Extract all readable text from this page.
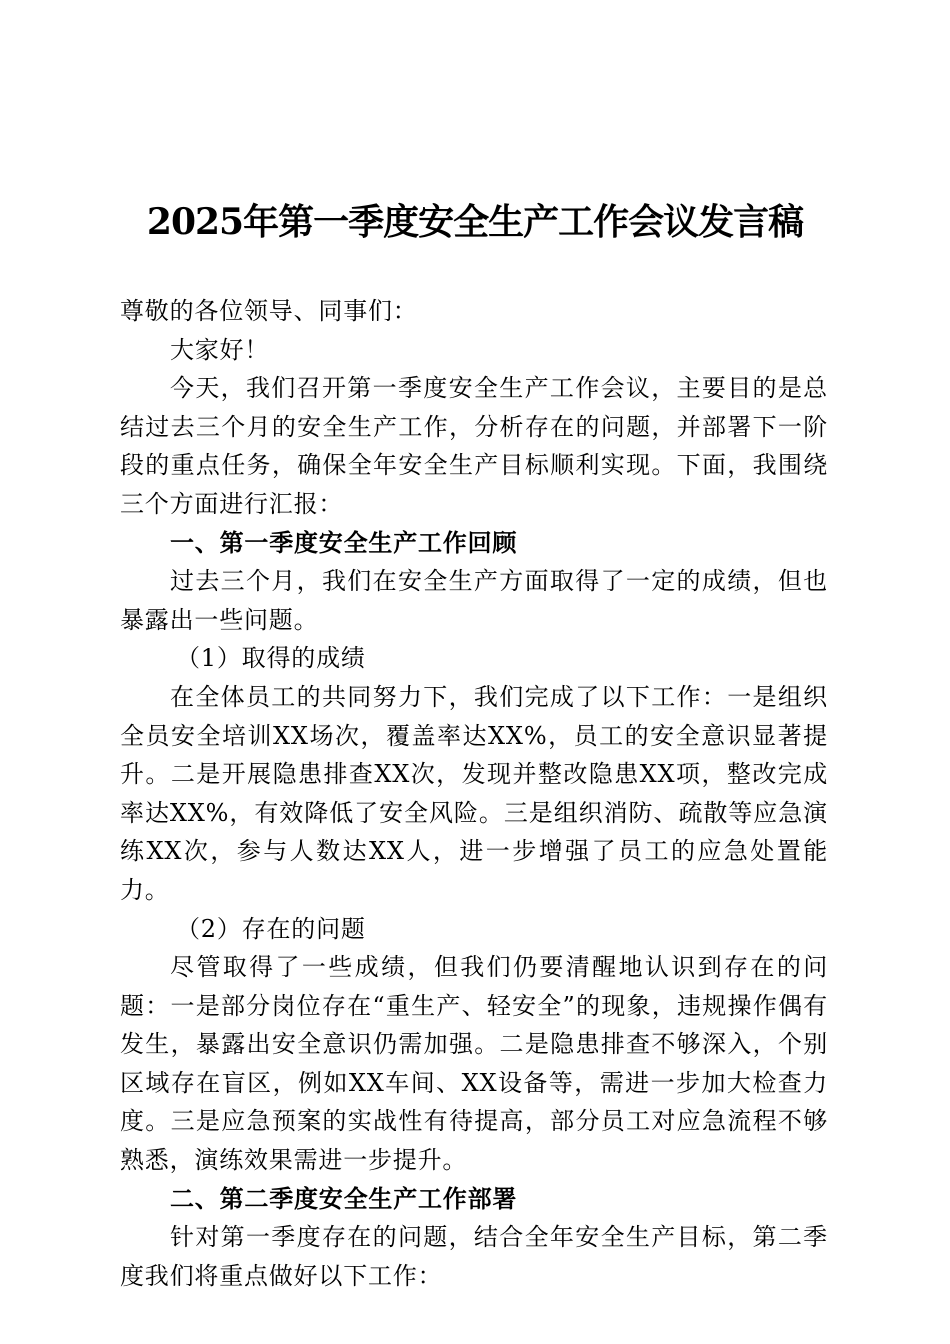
2025年第一季度安全生产工作会议发言稿

尊敬的各位领导、同事们：

大家好！

今天，我们召开第一季度安全生产工作会议，主要目的是总结过去三个月的安全生产工作，分析存在的问题，并部署下一阶段的重点任务，确保全年安全生产目标顺利实现。下面，我围绕三个方面进行汇报：

一、第一季度安全生产工作回顾

过去三个月，我们在安全生产方面取得了一定的成绩，但也暴露出一些问题。

（1）取得的成绩

在全体员工的共同努力下，我们完成了以下工作：一是组织全员安全培训XX场次，覆盖率达XX%，员工的安全意识显著提升。二是开展隐患排查XX次，发现并整改隐患XX项，整改完成率达XX%，有效降低了安全风险。三是组织消防、疏散等应急演练XX次，参与人数达XX人，进一步增强了员工的应急处置能力。

（2）存在的问题

尽管取得了一些成绩，但我们仍要清醒地认识到存在的问题：一是部分岗位存在“重生产、轻安全”的现象，违规操作偶有发生，暴露出安全意识仍需加强。二是隐患排查不够深入，个别区域存在盲区，例如XX车间、XX设备等，需进一步加大检查力度。三是应急预案的实战性有待提高，部分员工对应急流程不够熟悉，演练效果需进一步提升。

二、第二季度安全生产工作部署

针对第一季度存在的问题，结合全年安全生产目标，第二季度我们将重点做好以下工作：
